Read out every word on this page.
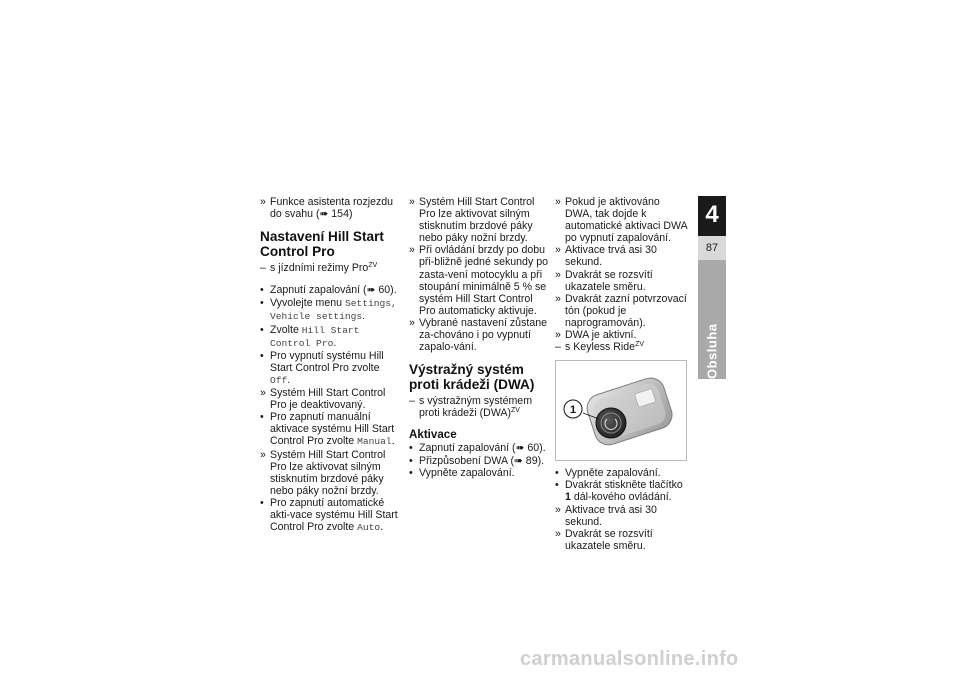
» Funkce asistenta rozjezdu do svahu (➠ 154)
Nastavení Hill Start Control Pro
– s jízdními režimy Pro$^{ZV}$
• Zapnutí zapalování (➠ 60).
• Vyvolejte menu Settings, Vehicle settings.
• Zvolte Hill Start Control Pro.
• Pro vypnutí systému Hill Start Control Pro zvolte Off.
» Systém Hill Start Control Pro je deaktivovaný.
• Pro zapnutí manuální aktivace systému Hill Start Control Pro zvolte Manual.
» Systém Hill Start Control Pro lze aktivovat silným stisknutím brzdové páky nebo páky nožní brzdy.
• Pro zapnutí automatické akti-vace systému Hill Start Control Pro zvolte Auto.
» Systém Hill Start Control Pro lze aktivovat silným stisknutím brzdové páky nebo páky nožní brzdy.
» Při ovládání brzdy po dobu při-bližně jedné sekundy po zasta-vení motocyklu a při stoupání minimálně 5 % se systém Hill Start Control Pro automaticky aktivuje.
» Vybrané nastavení zůstane za-chováno i po vypnutí zapalo-vání.
Výstražný systém proti krádeži (DWA)
– s výstražným systémem proti krádeži (DWA)$^{ZV}$
Aktivace
• Zapnutí zapalování (➠ 60).
• Přizpůsobení DWA (➠ 89).
• Vypněte zapalování.
» Pokud je aktivováno DWA, tak dojde k automatické aktivaci DWA po vypnutí zapalování.
» Aktivace trvá asi 30 sekund.
» Dvakrát se rozsvítí ukazatele směru.
» Dvakrát zazní potvrzovací tón (pokud je naprogramován).
» DWA je aktivní.
– s Keyless Ride$^{ZV}$
1
• Vypněte zapalování.
• Dvakrát stiskněte tlačítko 1 dál-kového ovládání.
» Aktivace trvá asi 30 sekund.
» Dvakrát se rozsvítí ukazatele směru.
4
87
Obsluha
carmanualsonline.info
